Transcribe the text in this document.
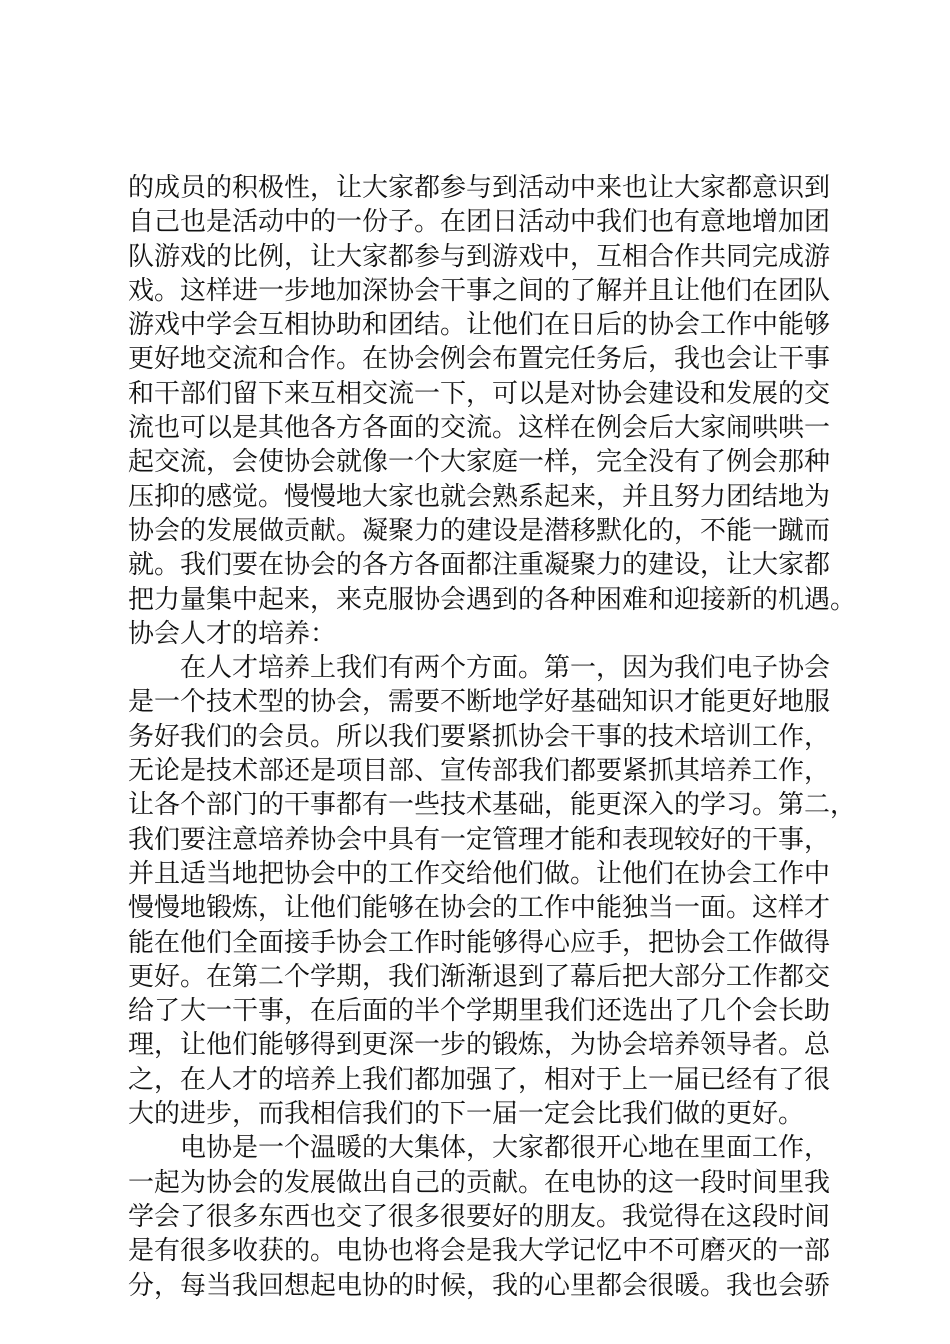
的成员的积极性，让大家都参与到活动中来也让大家都意识到
自己也是活动中的一份子。在团日活动中我们也有意地增加团
队游戏的比例，让大家都参与到游戏中，互相合作共同完成游
戏。这样进一步地加深协会干事之间的了解并且让他们在团队
游戏中学会互相协助和团结。让他们在日后的协会工作中能够
更好地交流和合作。在协会例会布置完任务后，我也会让干事
和干部们留下来互相交流一下，可以是对协会建设和发展的交
流也可以是其他各方各面的交流。这样在例会后大家闹哄哄一
起交流，会使协会就像一个大家庭一样，完全没有了例会那种
压抑的感觉。慢慢地大家也就会熟系起来，并且努力团结地为
协会的发展做贡献。凝聚力的建设是潜移默化的，不能一蹴而
就。我们要在协会的各方各面都注重凝聚力的建设，让大家都
把力量集中起来，来克服协会遇到的各种困难和迎接新的机遇。
协会人才的培养：
在人才培养上我们有两个方面。第一，因为我们电子协会
是一个技术型的协会，需要不断地学好基础知识才能更好地服
务好我们的会员。所以我们要紧抓协会干事的技术培训工作，
无论是技术部还是项目部、宣传部我们都要紧抓其培养工作，
让各个部门的干事都有一些技术基础，能更深入的学习。第二，
我们要注意培养协会中具有一定管理才能和表现较好的干事，
并且适当地把协会中的工作交给他们做。让他们在协会工作中
慢慢地锻炼，让他们能够在协会的工作中能独当一面。这样才
能在他们全面接手协会工作时能够得心应手，把协会工作做得
更好。在第二个学期，我们渐渐退到了幕后把大部分工作都交
给了大一干事，在后面的半个学期里我们还选出了几个会长助
理，让他们能够得到更深一步的锻炼，为协会培养领导者。总
之，在人才的培养上我们都加强了，相对于上一届已经有了很
大的进步，而我相信我们的下一届一定会比我们做的更好。
电协是一个温暖的大集体，大家都很开心地在里面工作，
一起为协会的发展做出自己的贡献。在电协的这一段时间里我
学会了很多东西也交了很多很要好的朋友。我觉得在这段时间
是有很多收获的。电协也将会是我大学记忆中不可磨灭的一部
分，每当我回想起电协的时候，我的心里都会很暖。我也会骄
